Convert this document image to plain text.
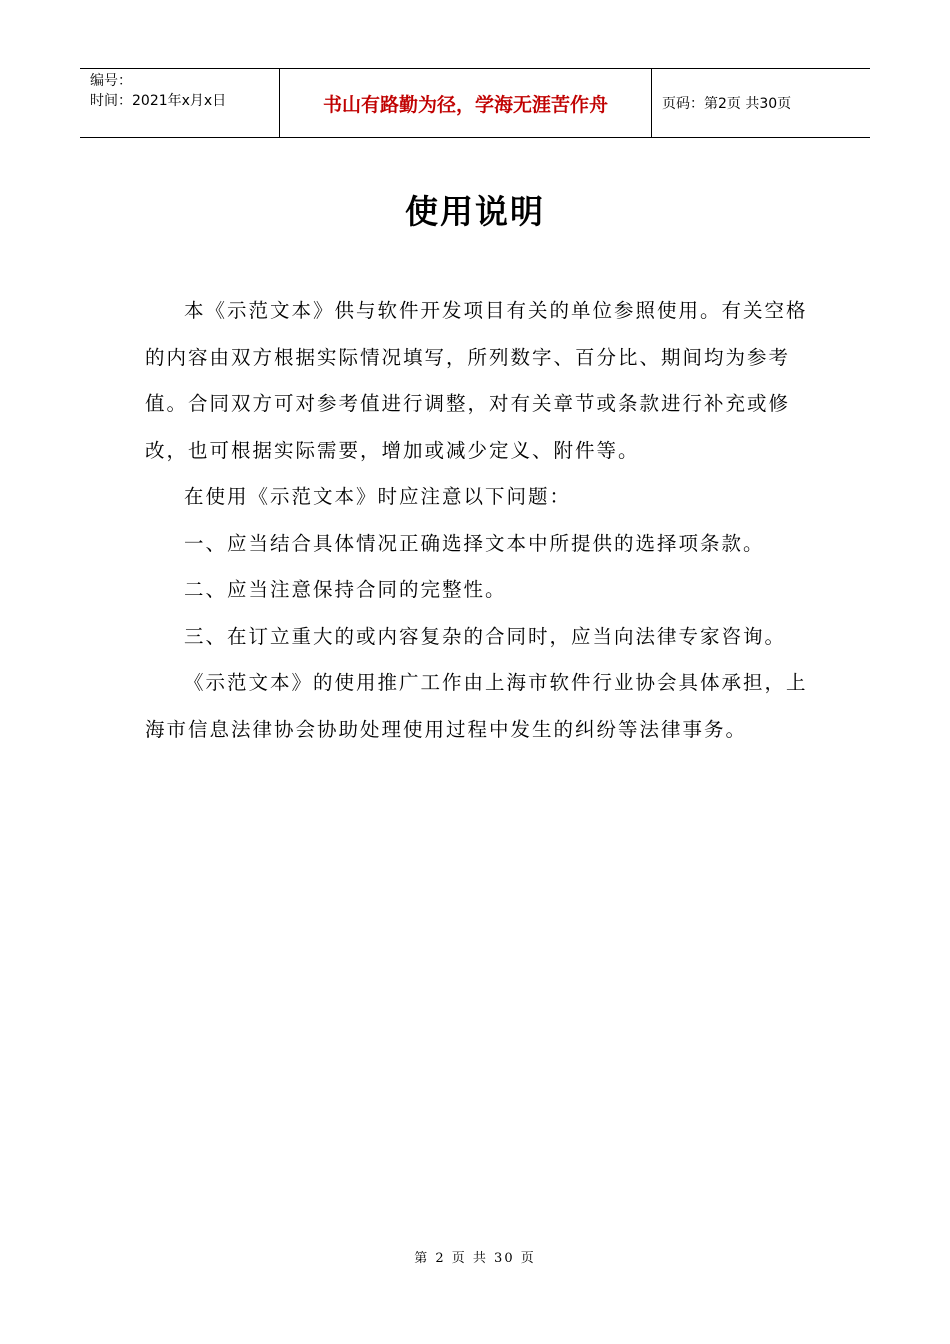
编号：
时间：2021年x月x日	书山有路勤为径，学海无涯苦作舟	页码：第2页 共30页
使用说明

本《示范文本》供与软件开发项目有关的单位参照使用。有关空格的内容由双方根据实际情况填写，所列数字、百分比、期间均为参考值。合同双方可对参考值进行调整，对有关章节或条款进行补充或修改，也可根据实际需要，增加或减少定义、附件等。

在使用《示范文本》时应注意以下问题：

一、应当结合具体情况正确选择文本中所提供的选择项条款。

二、应当注意保持合同的完整性。

三、在订立重大的或内容复杂的合同时，应当向法律专家咨询。

《示范文本》的使用推广工作由上海市软件行业协会具体承担，上海市信息法律协会协助处理使用过程中发生的纠纷等法律事务。

第 2 页 共 30 页
